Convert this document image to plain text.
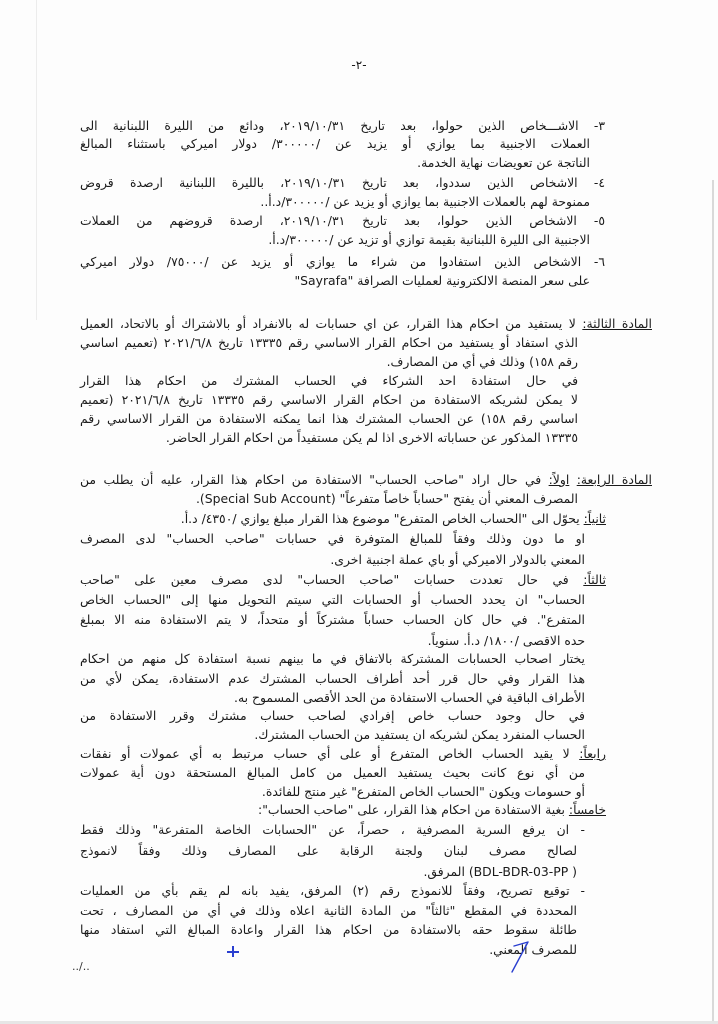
-٢-
٣- الاشـــخاص الذين حولوا، بعد تاريخ ٢٠١٩/١٠/٣١، ودائع من الليرة اللبنانية الى
العملات الاجنبية بما يوازي أو يزيد عن /٣٠٠٠٠٠/ دولار اميركي باستثناء المبالغ
الناتجة عن تعويضات نهاية الخدمة.
٤- الاشخاص الذين سددوا، بعد تاريخ ٢٠١٩/١٠/٣١، بالليرة اللبنانية ارصدة قروض
ممنوحة لهم بالعملات الاجنبية بما يوازي أو يزيد عن /٣٠٠٠٠٠/د.أ..
٥- الاشخاص الذين حولوا، بعد تاريخ ٢٠١٩/١٠/٣١، ارصدة قروضهم من العملات
الاجنبية الى الليرة اللبنانية بقيمة توازي أو تزيد عن /٣٠٠٠٠٠/د.أ.
٦- الاشخاص الذين استفادوا من شراء ما يوازي أو يزيد عن /٧٥٠٠٠/ دولار اميركي
على سعر المنصة الالكترونية لعمليات الصرافة "Sayrafa"
المادة الثالثة: لا يستفيد من احكام هذا القرار، عن اي حسابات له بالانفراد أو بالاشتراك أو بالاتحاد، العميل
الذي استفاد أو يستفيد من احكام القرار الاساسي رقم ١٣٣٣٥ تاريخ ٢٠٢١/٦/٨ (تعميم اساسي
رقم ١٥٨) وذلك في أي من المصارف.
في حال استفادة احد الشركاء في الحساب المشترك من احكام هذا القرار
لا يمكن لشريكه الاستفادة من احكام القرار الاساسي رقم ١٣٣٣٥ تاريخ ٢٠٢١/٦/٨ (تعميم
اساسي رقم ١٥٨) عن الحساب المشترك هذا انما يمكنه الاستفادة من القرار الاساسي رقم
١٣٣٣٥ المذكور عن حساباته الاخرى اذا لم يكن مستفيداً من احكام القرار الحاضر.
المادة الرابعة: اولاً: في حال اراد "صاحب الحساب" الاستفادة من احكام هذا القرار، عليه أن يطلب من
المصرف المعني أن يفتح "حساباً خاصاً متفرعاً" (Special Sub Account).
ثانياً: يحوّل الى "الحساب الخاص المتفرع" موضوع هذا القرار مبلغ يوازي /٤٣٥٠/ د.أ.
او ما دون وذلك وفقاً للمبالغ المتوفرة في حسابات "صاحب الحساب" لدى المصرف
المعني بالدولار الاميركي أو باي عملة اجنبية اخرى.
ثالثاً: في حال تعددت حسابات "صاحب الحساب" لدى مصرف معين على "صاحب
الحساب" ان يحدد الحساب أو الحسابات التي سيتم التحويل منها إلى "الحساب الخاص
المتفرع". في حال كان الحساب حساباً مشتركاً أو متحداً، لا يتم الاستفادة منه الا بمبلغ
حده الاقصى /١٨٠٠/ د.أ. سنوياً.
يختار اصحاب الحسابات المشتركة بالاتفاق في ما بينهم نسبة استفادة كل منهم من احكام
هذا القرار وفي حال قرر أحد أطراف الحساب المشترك عدم الاستفادة، يمكن لأي من
الأطراف الباقية في الحساب الاستفادة من الحد الأقصى المسموح به.
في حال وجود حساب خاص إفرادي لصاحب حساب مشترك وقرر الاستفادة من
الحساب المنفرد يمكن لشريكه ان يستفيد من الحساب المشترك.
رابعاً: لا يقيد الحساب الخاص المتفرع أو على أي حساب مرتبط به أي عمولات أو نفقات
من أي نوع كانت بحيث يستفيد العميل من كامل المبالغ المستحقة دون أية عمولات
أو حسومات ويكون "الحساب الخاص المتفرع" غير منتج للفائدة.
خامساً: بغية الاستفادة من احكام هذا القرار، على "صاحب الحساب":
- ان يرفع السرية المصرفية ، حصراً، عن "الحسابات الخاصة المتفرعة" وذلك فقط
لصالح مصرف لبنان ولجنة الرقابة على المصارف وذلك وفقاً لانموذج
( BDL-BDR-03-PP) المرفق.
- توقيع تصريح، وفقاً للانموذج رقم (٢) المرفق، يفيد بانه لم يقم بأي من العمليات
المحددة في المقطع "ثالثاً" من المادة الثانية اعلاه وذلك في أي من المصارف ، تحت
طائلة سقوط حقه بالاستفادة من احكام هذا القرار واعادة المبالغ التي استفاد منها
للمصرف المعني.
../..
